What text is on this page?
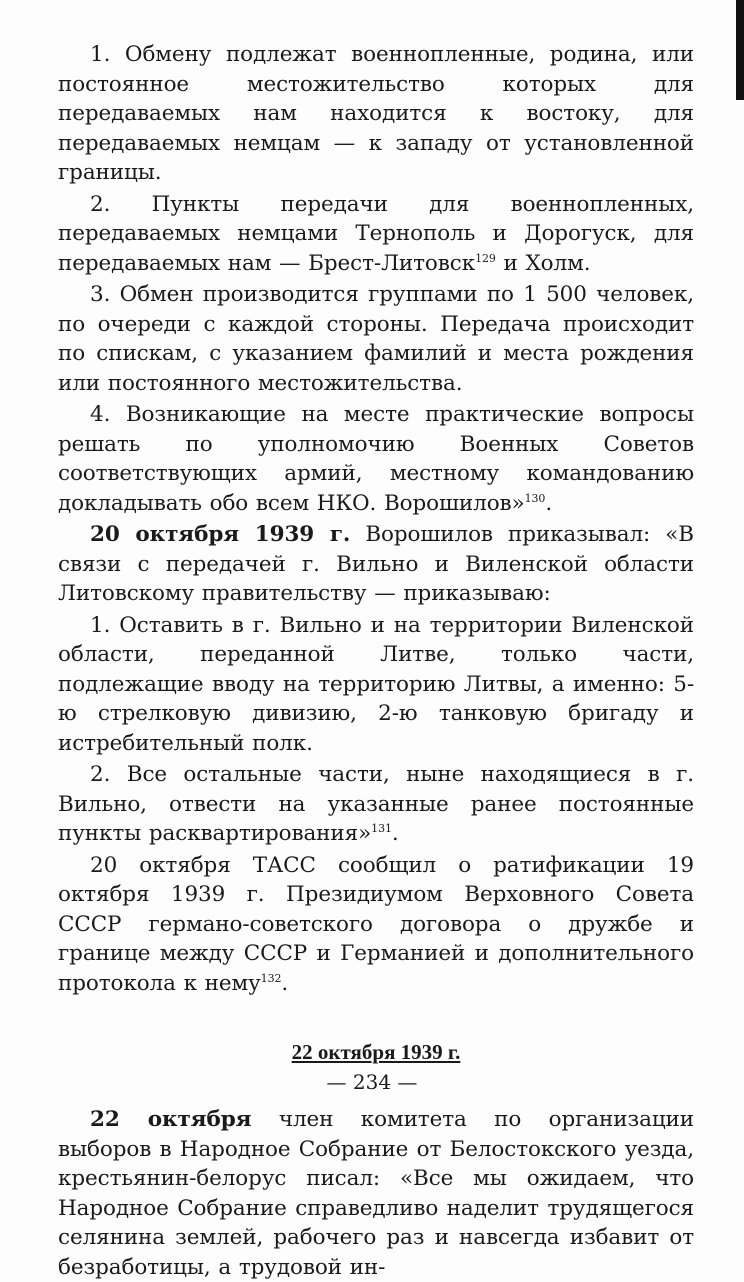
1. Обмену подлежат военнопленные, родина, или постоянное местожительство которых для передаваемых нам находится к востоку, для передаваемых немцам — к западу от установленной границы.

2. Пункты передачи для военнопленных, передаваемых немцами Тернополь и Дорогуск, для передаваемых нам — Брест-Литовск$^{129}$ и Холм.

3. Обмен производится группами по 1 500 человек, по очереди с каждой стороны. Передача происходит по спискам, с указанием фамилий и места рождения или постоянного местожительства.

4. Возникающие на месте практические вопросы решать по уполномочию Военных Советов соответствующих армий, местному командованию докладывать обо всем НКО. Ворошилов»$^{130}$.

20 октября 1939 г. Ворошилов приказывал: «В связи с передачей г. Вильно и Виленской области Литовскому правительству — приказываю:

1. Оставить в г. Вильно и на территории Виленской области, переданной Литве, только части, подлежащие вводу на территорию Литвы, а именно: 5-ю стрелковую дивизию, 2-ю танковую бригаду и истребительный полк.

2. Все остальные части, ныне находящиеся в г. Вильно, отвести на указанные ранее постоянные пункты расквартирования»$^{131}$.

20 октября ТАСС сообщил о ратификации 19 октября 1939 г. Президиумом Верховного Совета СССР германо-советского договора о дружбе и границе между СССР и Германией и дополнительного протокола к нему$^{132}$.

22 октября 1939 г.

22 октября член комитета по организации выборов в Народное Собрание от Белостокского уезда, крестьянин-белорус писал: «Все мы ожидаем, что Народное Собрание справедливо наделит трудящегося селянина землей, рабочего раз и навсегда избавит от безработицы, а трудовой ин-

— 234 —
